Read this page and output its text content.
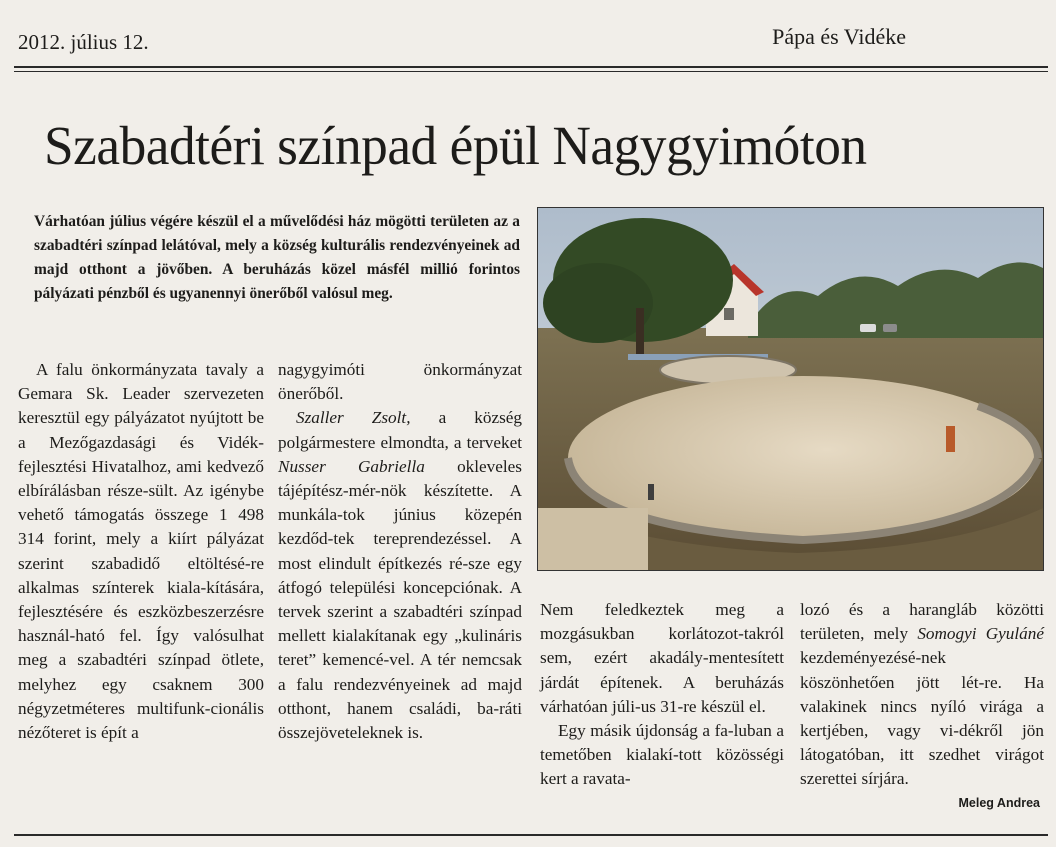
2012. július 12.	Pápa és Vidéke
Szabadtéri színpad épül Nagygyimóton
Várhatóan július végére készül el a művelődési ház mögötti területen az a szabadtéri színpad lelátóval, mely a község kulturális rendezvényeinek ad majd otthont a jövőben. A beruházás közel másfél millió forintos pályázati pénzből és ugyanennyi önerőből valósul meg.

A falu önkormányzata tavaly a Gemara Sk. Leader szervezeten keresztül egy pályázatot nyújtott be a Mezőgazdasági és Vidék-fejlesztési Hivatalhoz, ami kedvező elbírálásban része-sült. Az igénybe vehető támogatás összege 1 498 314 forint, mely a kiírt pályázat szerint szabadidő eltöltésé-re alkalmas színterek kiala-kítására, fejlesztésére és eszközbeszerzésre használ-ható fel. Így valósulhat meg a szabadtéri színpad ötlete, melyhez egy csaknem 300 négyzetméteres multifunk-cionális nézőteret is épít a

nagygyimóti önkormányzat önerőből.

Szaller Zsolt, a község polgármestere elmondta, a terveket Nusser Gabriella okleveles tájépítész-mér-nök készítette. A munkála-tok június közepén kezdőd-tek tereprendezéssel. A most elindult építkezés ré-sze egy átfogó települési koncepciónak. A tervek szerint a szabadtéri színpad mellett kialakítanak egy „kulináris teret” kemencé-vel. A tér nemcsak a falu rendezvényeinek ad majd otthont, hanem családi, ba-ráti összejöveteleknek is.

Nem feledkeztek meg a mozgásukban korlátozot-takról sem, ezért akadály-mentesített járdát építenek. A beruházás várhatóan júli-us 31-re készül el.

Egy másik újdonság a fa-luban a temetőben kialakí-tott közösségi kert a ravata-

lozó és a harangláb közötti területen, mely Somogyi Gyuláné kezdeményezésé-nek köszönhetően jött lét-re. Ha valakinek nincs nyíló virága a kertjében, vagy vi-dékről jön látogatóban, itt szedhet virágot szerettei sírjára.

Meleg Andrea
